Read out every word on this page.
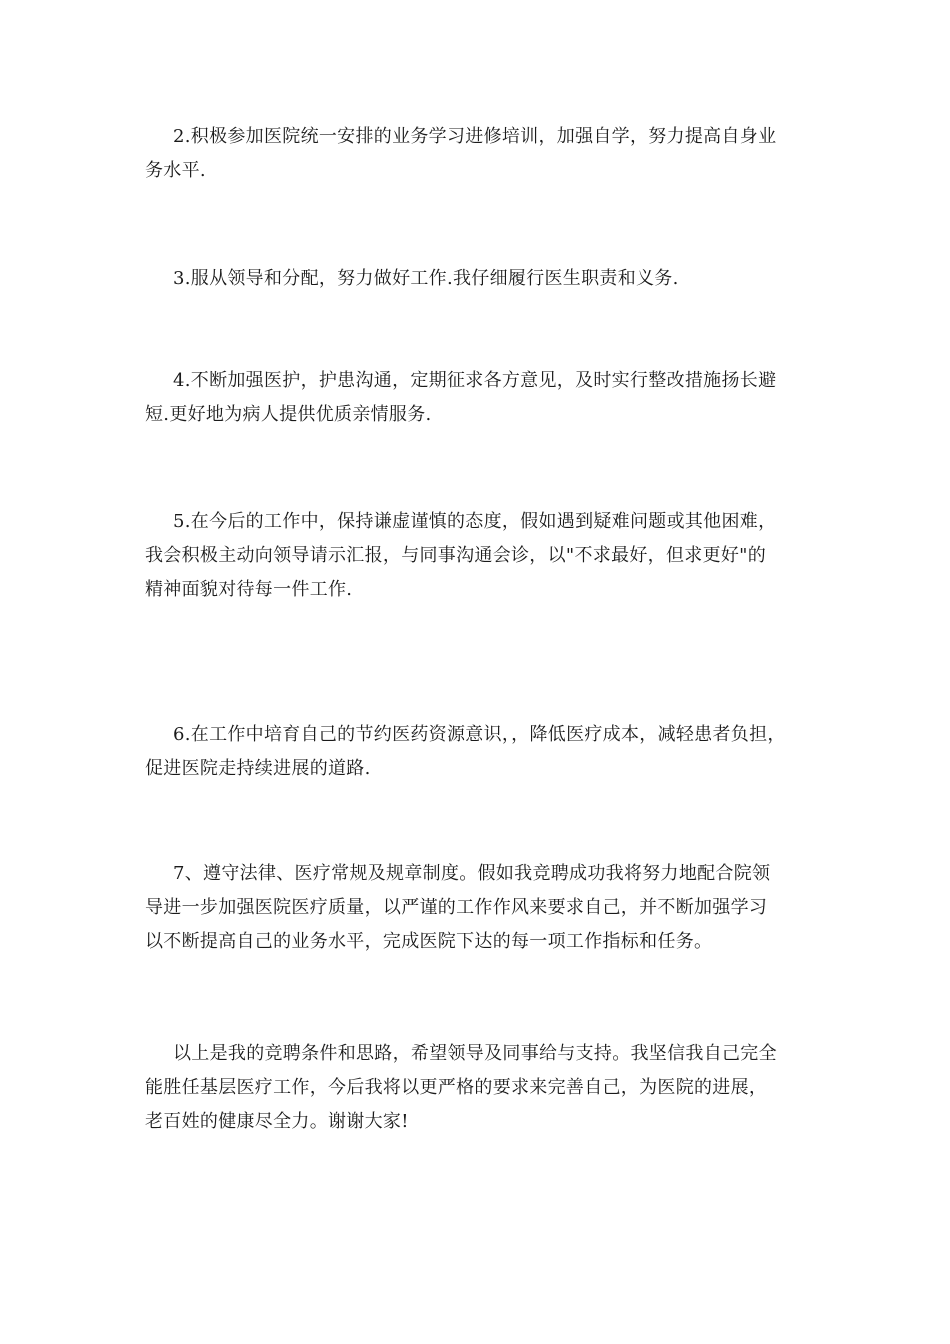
2.积极参加医院统一安排的业务学习进修培训，加强自学，努力提高自身业
务水平.
3.服从领导和分配，努力做好工作.我仔细履行医生职责和义务.
4.不断加强医护，护患沟通，定期征求各方意见，及时实行整改措施扬长避
短.更好地为病人提供优质亲情服务.
5.在今后的工作中，保持谦虚谨慎的态度，假如遇到疑难问题或其他困难，
我会积极主动向领导请示汇报，与同事沟通会诊，以"不求最好，但求更好"的
精神面貌对待每一件工作.
6.在工作中培育自己的节约医药资源意识，，降低医疗成本，减轻患者负担，
促进医院走持续进展的道路.
7、遵守法律、医疗常规及规章制度。假如我竞聘成功我将努力地配合院领
导进一步加强医院医疗质量，以严谨的工作作风来要求自己，并不断加强学习
以不断提高自己的业务水平，完成医院下达的每一项工作指标和任务。
以上是我的竞聘条件和思路，希望领导及同事给与支持。我坚信我自己完全
能胜任基层医疗工作，今后我将以更严格的要求来完善自己，为医院的进展，
老百姓的健康尽全力。谢谢大家!
